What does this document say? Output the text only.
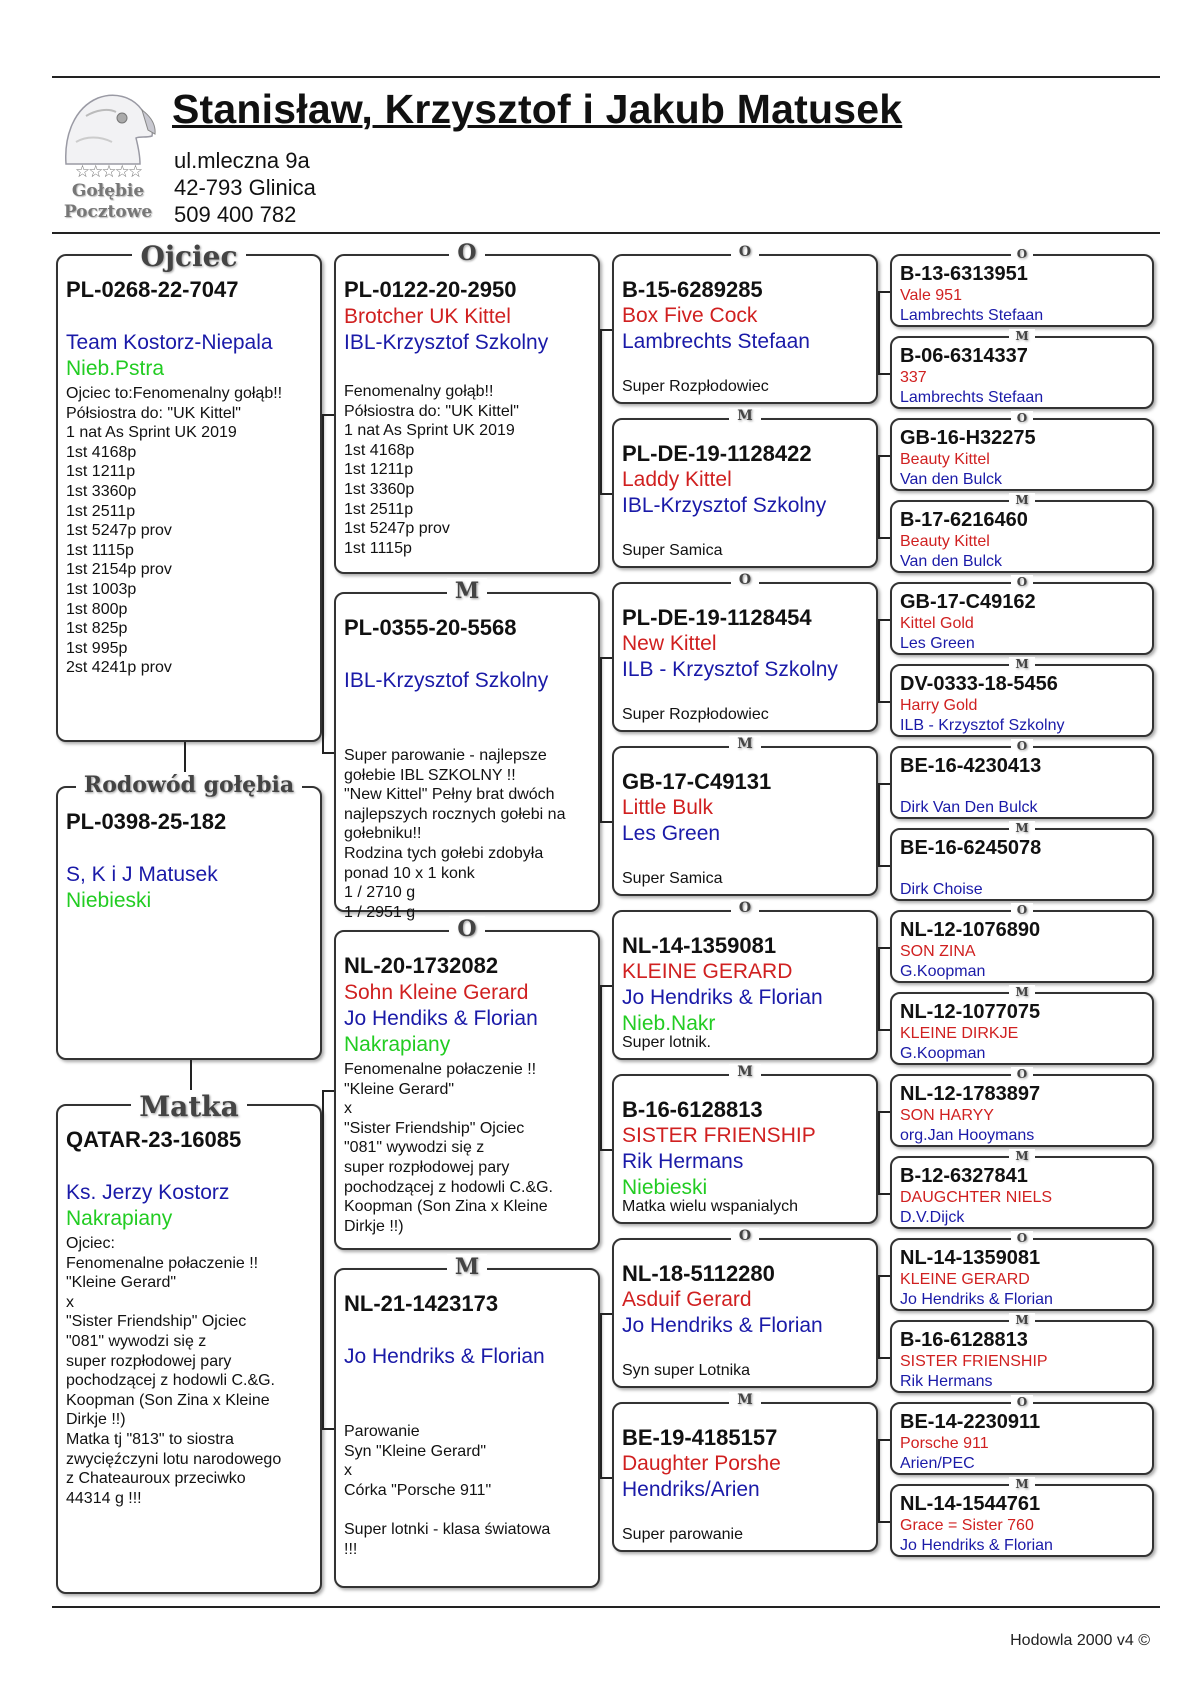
☆☆☆☆☆
Gołębie
Pocztowe
Stanisław, Krzysztof i Jakub Matusek
ul.mleczna 9a
42-793 Glinica
509 400 782
Ojciec
PL-0268-22-7047
Team Kostorz-Niepala
Nieb.Pstra
Ojciec to:Fenomenalny gołąb!!
Półsiostra do: "UK Kittel"
1 nat As Sprint UK 2019
1st 4168p
1st 1211p
1st 3360p
1st 2511p
1st 5247p prov
1st 1115p
1st 2154p prov
1st 1003p
1st 800p
1st 825p
1st 995p
2st 4241p prov
Rodowód gołębia
PL-0398-25-182
S, K i J Matusek
Niebieski
Matka
QATAR-23-16085
Ks. Jerzy Kostorz
Nakrapiany
Ojciec:
Fenomenalne połaczenie !!
"Kleine Gerard"
x
"Sister Friendship" Ojciec
"081" wywodzi się z
super rozpłodowej pary
pochodzącej z hodowli C.&G.
Koopman (Son Zina x Kleine
Dirkje !!)
Matka tj "813" to siostra
zwycięźczyni lotu narodowego
z Chateauroux przeciwko
44314 g !!!
O
PL-0122-20-2950
Brotcher UK Kittel
IBL-Krzysztof Szkolny
Fenomenalny gołąb!!
Półsiostra do: "UK Kittel"
1 nat As Sprint UK 2019
1st 4168p
1st 1211p
1st 3360p
1st 2511p
1st 5247p prov
1st 1115p
M
PL-0355-20-5568

IBL-Krzysztof Szkolny
Super parowanie - najlepsze
gołebie IBL SZKOLNY !!
"New Kittel" Pełny brat dwóch
najlepszych rocznych gołebi na
gołebniku!!
Rodzina tych gołebi zdobyła
ponad 10 x 1 konk
1 / 2710 g
1 / 2951 g
O
NL-20-1732082
Sohn Kleine Gerard
Jo Hendiks & Florian
Nakrapiany
Fenomenalne połaczenie !!
"Kleine Gerard"
x
"Sister Friendship" Ojciec
"081" wywodzi się z
super rozpłodowej pary
pochodzącej z hodowli C.&G.
Koopman (Son Zina x Kleine
Dirkje !!)
M
NL-21-1423173

Jo Hendriks & Florian
Parowanie
Syn "Kleine Gerard"
x
Córka "Porsche 911"

Super lotnki - klasa światowa
!!!
O
B-15-6289285
Box Five Cock
Lambrechts Stefaan
Super Rozpłodowiec
M
PL-DE-19-1128422
Laddy Kittel
IBL-Krzysztof Szkolny
Super Samica
O
PL-DE-19-1128454
New Kittel
ILB - Krzysztof Szkolny
Super Rozpłodowiec
M
GB-17-C49131
Little Bulk
Les Green
Super Samica
O
NL-14-1359081
KLEINE GERARD
Jo Hendriks & Florian
Nieb.Nakr
Super lotnik.
M
B-16-6128813
SISTER FRIENSHIP
Rik Hermans
Niebieski
Matka wielu wspanialych
O
NL-18-5112280
Asduif Gerard
Jo Hendriks & Florian
Syn super Lotnika
M
BE-19-4185157
Daughter Porshe
Hendriks/Arien
Super parowanie
O
B-13-6313951
Vale 951
Lambrechts Stefaan
M
B-06-6314337
337
Lambrechts Stefaan
O
GB-16-H32275
Beauty Kittel
Van den Bulck
M
B-17-6216460
Beauty Kittel
Van den Bulck
O
GB-17-C49162
Kittel Gold
Les Green
M
DV-0333-18-5456
Harry Gold
ILB - Krzysztof Szkolny
O
BE-16-4230413

Dirk Van Den Bulck
M
BE-16-6245078

Dirk Choise
O
NL-12-1076890
SON ZINA
G.Koopman
M
NL-12-1077075
KLEINE DIRKJE
G.Koopman
O
NL-12-1783897
SON HARYY
org.Jan Hooymans
M
B-12-6327841
DAUGCHTER NIELS
D.V.Dijck
O
NL-14-1359081
KLEINE GERARD
Jo Hendriks & Florian
M
B-16-6128813
SISTER FRIENSHIP
Rik Hermans
O
BE-14-2230911
Porsche 911
Arien/PEC
M
NL-14-1544761
Grace = Sister 760
Jo Hendriks & Florian
Hodowla 2000 v4 ©
